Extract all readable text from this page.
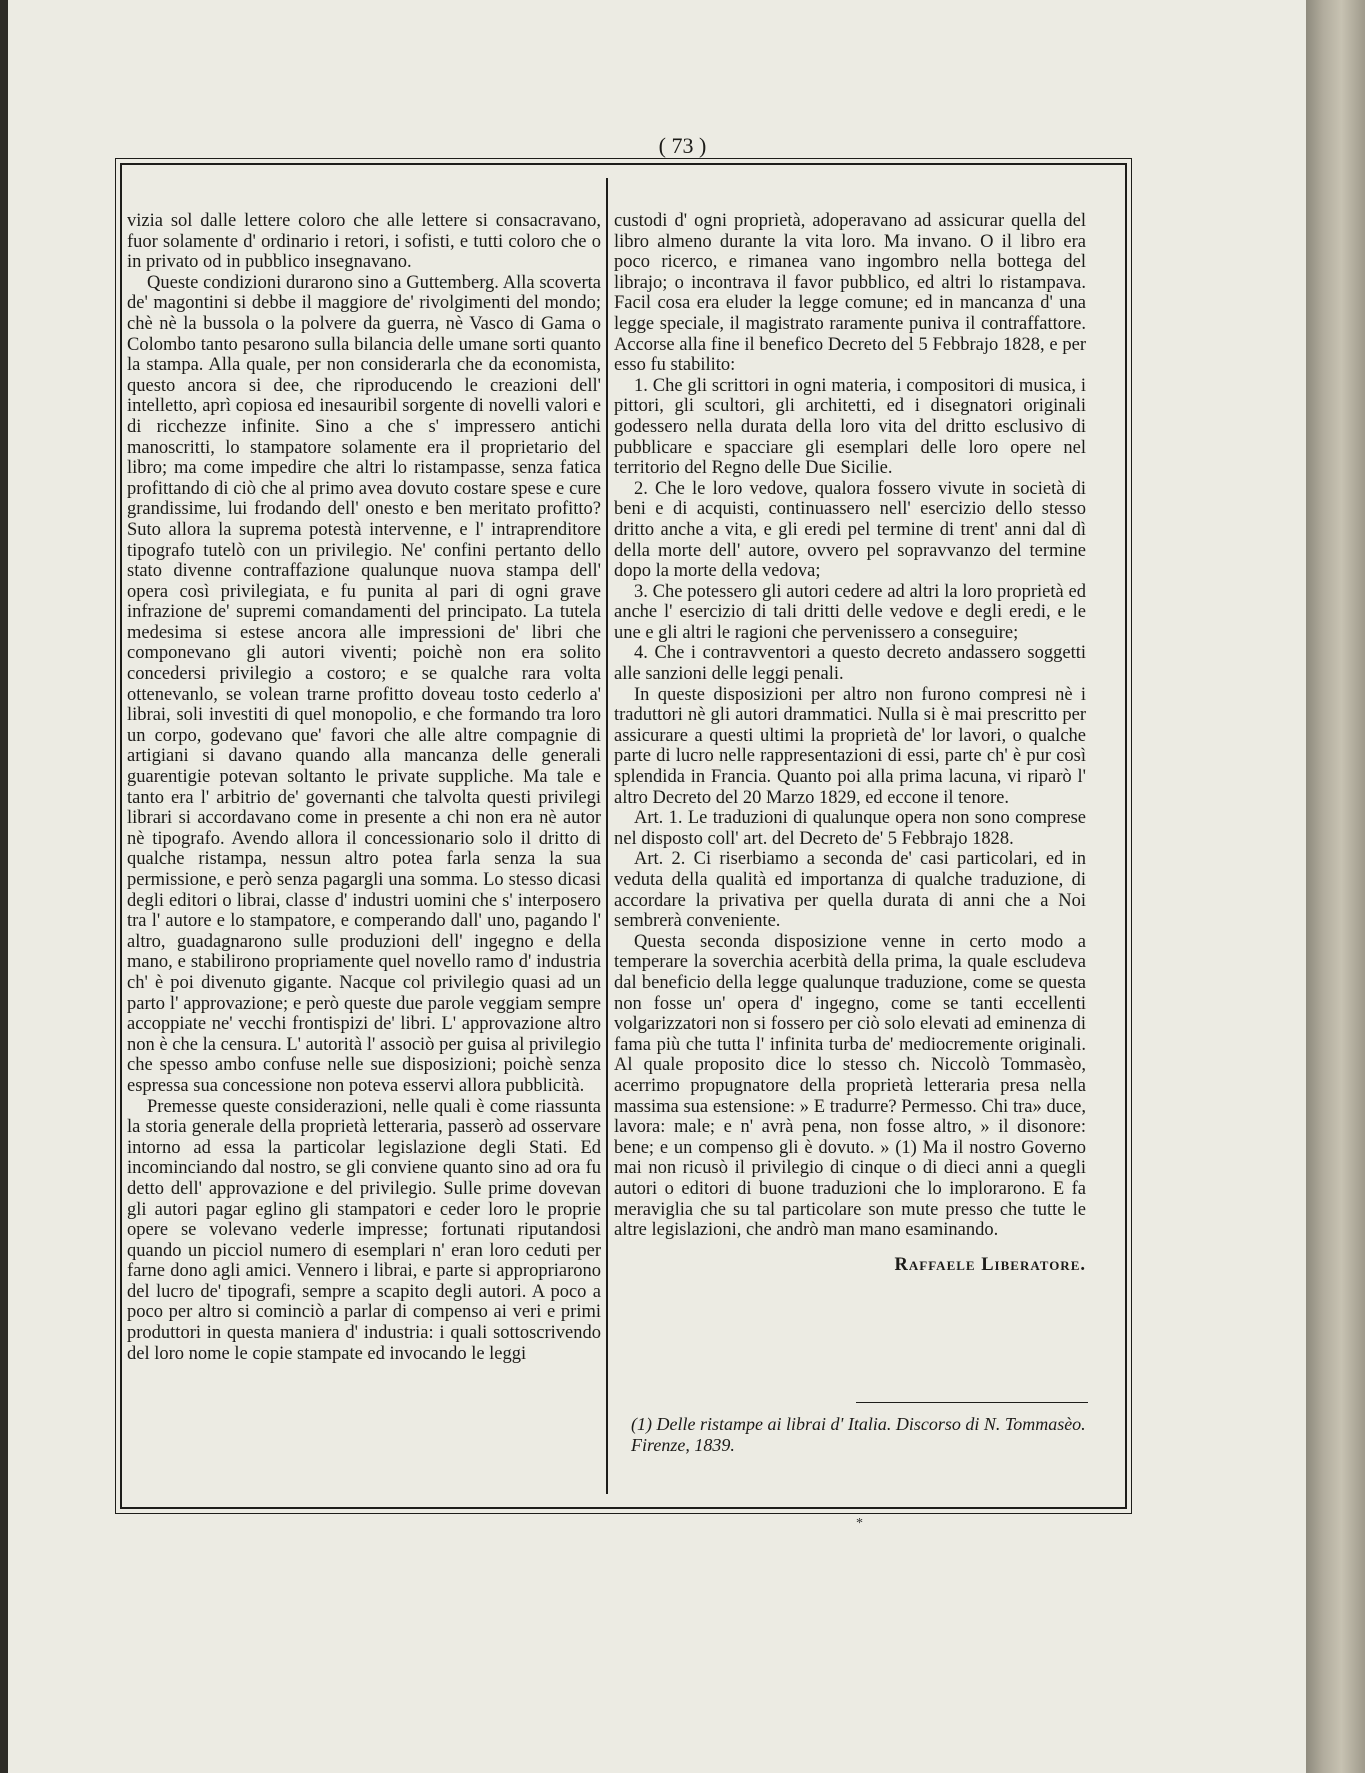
( 73 )

vizia sol dalle lettere coloro che alle lettere si consacravano, fuor solamente d' ordinario i retori, i sofisti, e tutti coloro che o in privato od in pubblico insegnavano.

Queste condizioni durarono sino a Guttemberg. Alla scoverta de' magontini si debbe il maggiore de' rivolgimenti del mondo; chè nè la bussola o la polvere da guerra, nè Vasco di Gama o Colombo tanto pesarono sulla bilancia delle umane sorti quanto la stampa. Alla quale, per non considerarla che da economista, questo ancora si dee, che riproducendo le creazioni dell' intelletto, aprì copiosa ed inesauribil sorgente di novelli valori e di ricchezze infinite. Sino a che s' impressero antichi manoscritti, lo stampatore solamente era il proprietario del libro; ma come impedire che altri lo ristampasse, senza fatica profittando di ciò che al primo avea dovuto costare spese e cure grandissime, lui frodando dell' onesto e ben meritato profitto? Suto allora la suprema potestà intervenne, e l' intraprenditore tipografo tutelò con un privilegio. Ne' confini pertanto dello stato divenne contraffazione qualunque nuova stampa dell' opera così privilegiata, e fu punita al pari di ogni grave infrazione de' supremi comandamenti del principato. La tutela medesima si estese ancora alle impressioni de' libri che componevano gli autori viventi; poichè non era solito concedersi privilegio a costoro; e se qualche rara volta ottenevanlo, se volean trarne profitto doveau tosto cederlo a' librai, soli investiti di quel monopolio, e che formando tra loro un corpo, godevano que' favori che alle altre compagnie di artigiani si davano quando alla mancanza delle generali guarentigie potevan soltanto le private suppliche. Ma tale e tanto era l' arbitrio de' governanti che talvolta questi privilegi librari si accordavano come in presente a chi non era nè autor nè tipografo. Avendo allora il concessionario solo il dritto di qualche ristampa, nessun altro potea farla senza la sua permissione, e però senza pagargli una somma. Lo stesso dicasi degli editori o librai, classe d' industri uomini che s' interposero tra l' autore e lo stampatore, e comperando dall' uno, pagando l' altro, guadagnarono sulle produzioni dell' ingegno e della mano, e stabilirono propriamente quel novello ramo d' industria ch' è poi divenuto gigante. Nacque col privilegio quasi ad un parto l' approvazione; e però queste due parole veggiam sempre accoppiate ne' vecchi frontispizi de' libri. L' approvazione altro non è che la censura. L' autorità l' associò per guisa al privilegio che spesso ambo confuse nelle sue disposizioni; poichè senza espressa sua concessione non poteva esservi allora pubblicità.

Premesse queste considerazioni, nelle quali è come riassunta la storia generale della proprietà letteraria, passerò ad osservare intorno ad essa la particolar legislazione degli Stati. Ed incominciando dal nostro, se gli conviene quanto sino ad ora fu detto dell' approvazione e del privilegio. Sulle prime dovevan gli autori pagar eglino gli stampatori e ceder loro le proprie opere se volevano vederle impresse; fortunati riputandosi quando un picciol numero di esemplari n' eran loro ceduti per farne dono agli amici. Vennero i librai, e parte si appropriarono del lucro de' tipografi, sempre a scapito degli autori. A poco a poco per altro si cominciò a parlar di compenso ai veri e primi produttori in questa maniera d' industria: i quali sottoscrivendo del loro nome le copie stampate ed invocando le leggi

custodi d' ogni proprietà, adoperavano ad assicurar quella del libro almeno durante la vita loro. Ma invano. O il libro era poco ricerco, e rimanea vano ingombro nella bottega del librajo; o incontrava il favor pubblico, ed altri lo ristampava. Facil cosa era eluder la legge comune; ed in mancanza d' una legge speciale, il magistrato raramente puniva il contraffattore. Accorse alla fine il benefico Decreto del 5 Febbrajo 1828, e per esso fu stabilito:

1. Che gli scrittori in ogni materia, i compositori di musica, i pittori, gli scultori, gli architetti, ed i disegnatori originali godessero nella durata della loro vita del dritto esclusivo di pubblicare e spacciare gli esemplari delle loro opere nel territorio del Regno delle Due Sicilie.

2. Che le loro vedove, qualora fossero vivute in società di beni e di acquisti, continuassero nell' esercizio dello stesso dritto anche a vita, e gli eredi pel termine di trent' anni dal dì della morte dell' autore, ovvero pel sopravvanzo del termine dopo la morte della vedova;

3. Che potessero gli autori cedere ad altri la loro proprietà ed anche l' esercizio di tali dritti delle vedove e degli eredi, e le une e gli altri le ragioni che pervenissero a conseguire;

4. Che i contravventori a questo decreto andassero soggetti alle sanzioni delle leggi penali.

In queste disposizioni per altro non furono compresi nè i traduttori nè gli autori drammatici. Nulla si è mai prescritto per assicurare a questi ultimi la proprietà de' lor lavori, o qualche parte di lucro nelle rappresentazioni di essi, parte ch' è pur così splendida in Francia. Quanto poi alla prima lacuna, vi riparò l' altro Decreto del 20 Marzo 1829, ed eccone il tenore.

Art. 1. Le traduzioni di qualunque opera non sono comprese nel disposto coll' art. del Decreto de' 5 Febbrajo 1828.

Art. 2. Ci riserbiamo a seconda de' casi particolari, ed in veduta della qualità ed importanza di qualche traduzione, di accordare la privativa per quella durata di anni che a Noi sembrerà conveniente.

Questa seconda disposizione venne in certo modo a temperare la soverchia acerbità della prima, la quale escludeva dal beneficio della legge qualunque traduzione, come se questa non fosse un' opera d' ingegno, come se tanti eccellenti volgarizzatori non si fossero per ciò solo elevati ad eminenza di fama più che tutta l' infinita turba de' mediocremente originali. Al quale proposito dice lo stesso ch. Niccolò Tommasèo, acerrimo propugnatore della proprietà letteraria presa nella massima sua estensione: » E tradurre? Permesso. Chi tra» duce, lavora: male; e n' avrà pena, non fosse altro, » il disonore: bene; e un compenso gli è dovuto. » (1) Ma il nostro Governo mai non ricusò il privilegio di cinque o di dieci anni a quegli autori o editori di buone traduzioni che lo implorarono. E fa meraviglia che su tal particolare son mute presso che tutte le altre legislazioni, che andrò man mano esaminando.

Raffaele Liberatore.

(1) Delle ristampe ai librai d' Italia. Discorso di N. Tommasèo. Firenze, 1839.
*
